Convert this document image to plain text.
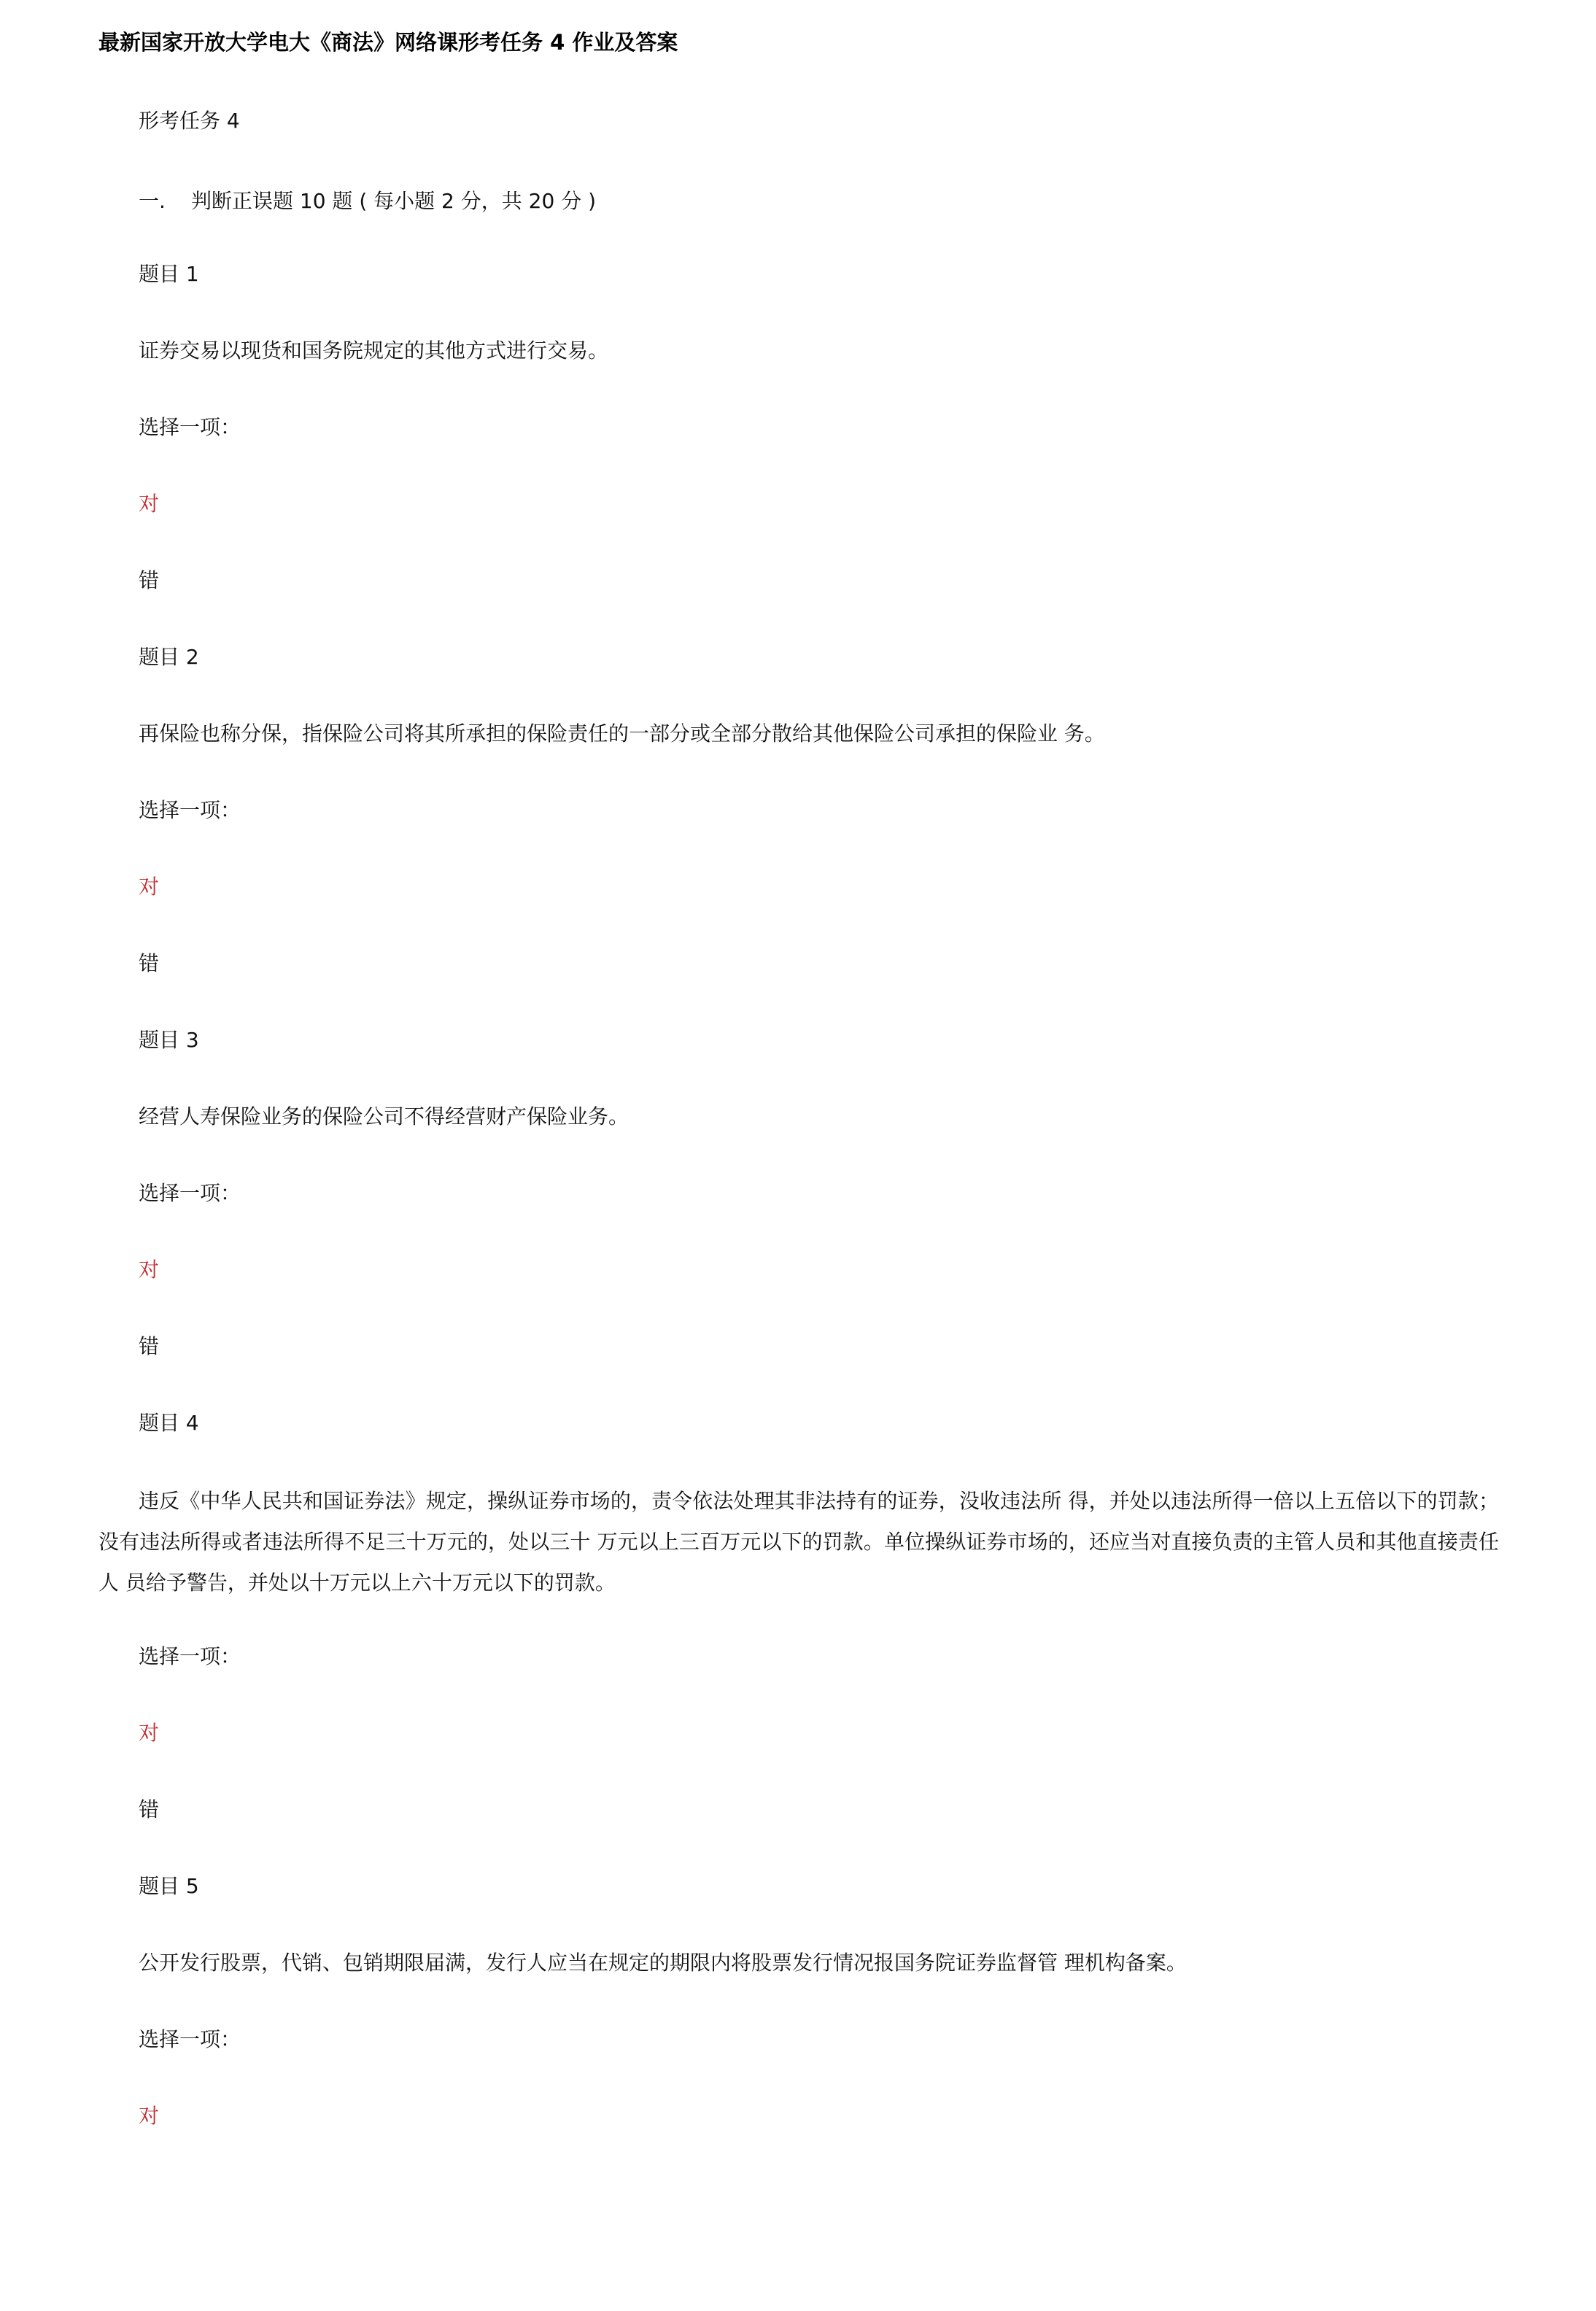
最新国家开放大学电大《商法》网络课形考任务 4 作业及答案
形考任务 4
一. 判断正误题 10 题 ( 每小题 2 分，共 20 分 )
题目 1
证券交易以现货和国务院规定的其他方式进行交易。
选择一项：
对
错
题目 2
再保险也称分保，指保险公司将其所承担的保险责任的一部分或全部分散给其他保险公司承担的保险业 务。
选择一项：
对
错
题目 3
经营人寿保险业务的保险公司不得经营财产保险业务。
选择一项：
对
错
题目 4
违反《中华人民共和国证券法》规定，操纵证券市场的，责令依法处理其非法持有的证券，没收违法所 得，并处以违法所得一倍以上五倍以下的罚款；没有违法所得或者违法所得不足三十万元的，处以三十 万元以上三百万元以下的罚款。单位操纵证券市场的，还应当对直接负责的主管人员和其他直接责任人 员给予警告，并处以十万元以上六十万元以下的罚款。
选择一项：
对
错
题目 5
公开发行股票，代销、包销期限届满，发行人应当在规定的期限内将股票发行情况报国务院证券监督管 理机构备案。
选择一项：
对
